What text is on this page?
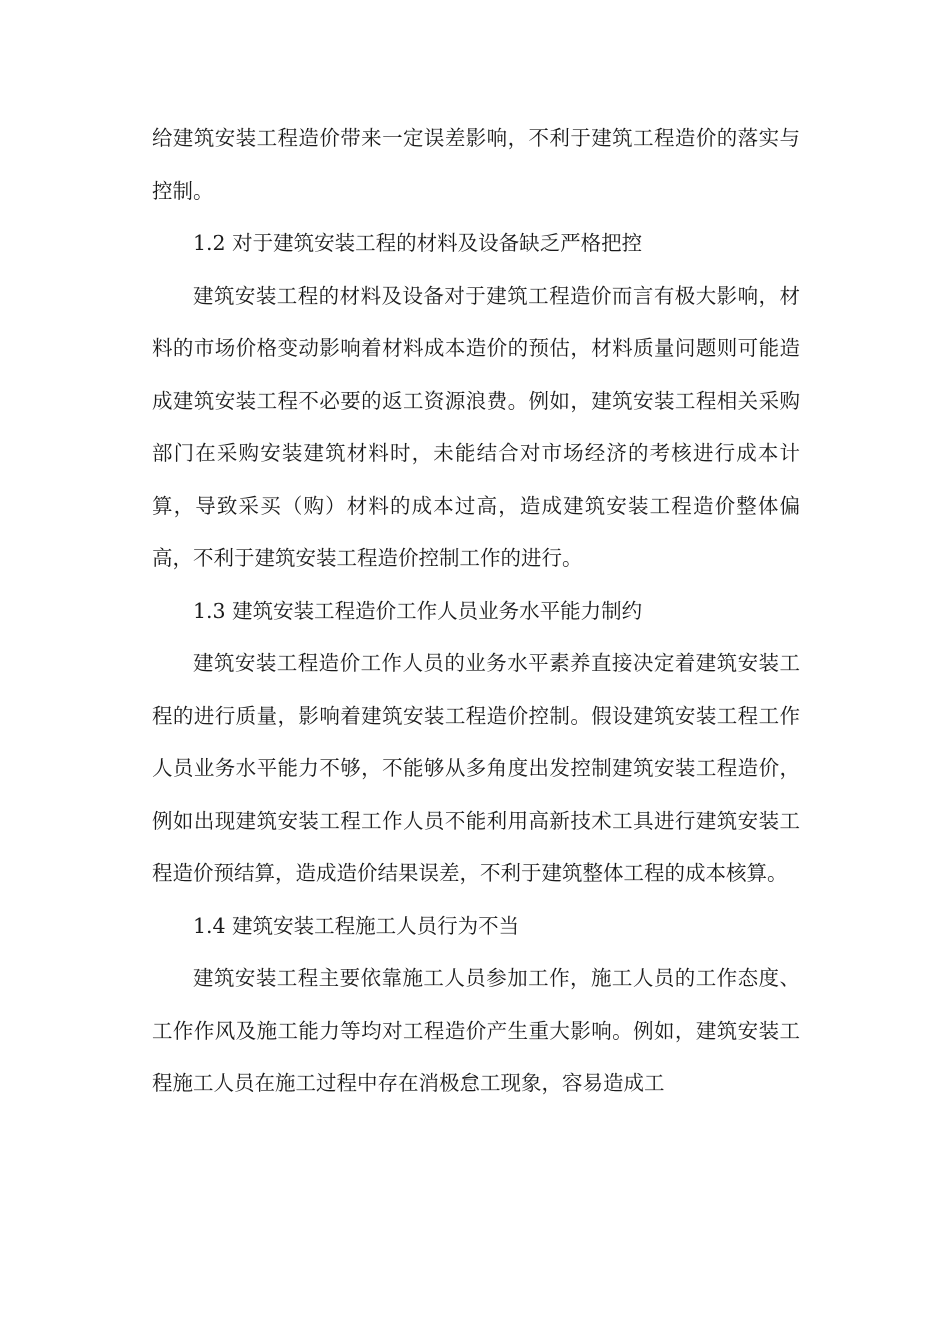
给建筑安装工程造价带来一定误差影响，不利于建筑工程造价的落实与控制。

1.2 对于建筑安装工程的材料及设备缺乏严格把控

建筑安装工程的材料及设备对于建筑工程造价而言有极大影响，材料的市场价格变动影响着材料成本造价的预估，材料质量问题则可能造成建筑安装工程不必要的返工资源浪费。例如，建筑安装工程相关采购部门在采购安装建筑材料时，未能结合对市场经济的考核进行成本计算，导致采买（购）材料的成本过高，造成建筑安装工程造价整体偏高，不利于建筑安装工程造价控制工作的进行。

1.3 建筑安装工程造价工作人员业务水平能力制约

建筑安装工程造价工作人员的业务水平素养直接决定着建筑安装工程的进行质量，影响着建筑安装工程造价控制。假设建筑安装工程工作人员业务水平能力不够，不能够从多角度出发控制建筑安装工程造价，例如出现建筑安装工程工作人员不能利用高新技术工具进行建筑安装工程造价预结算，造成造价结果误差，不利于建筑整体工程的成本核算。

1.4 建筑安装工程施工人员行为不当

建筑安装工程主要依靠施工人员参加工作，施工人员的工作态度、工作作风及施工能力等均对工程造价产生重大影响。例如，建筑安装工程施工人员在施工过程中存在消极怠工现象，容易造成工
